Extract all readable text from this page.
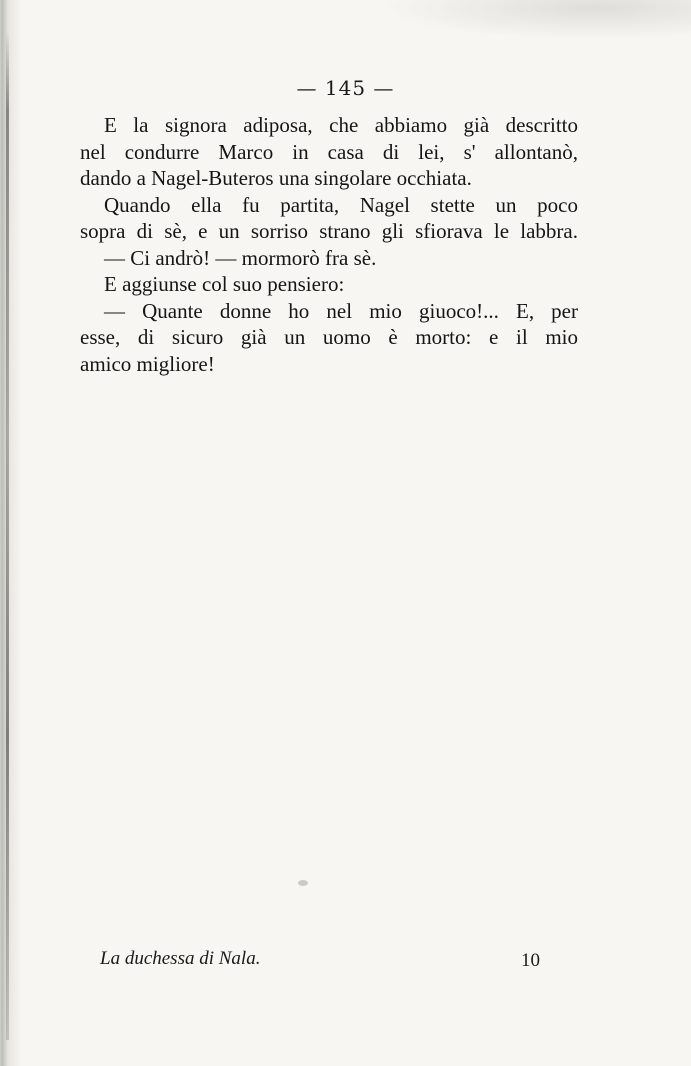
— 145 —
E la signora adiposa, che abbiamo già descritto
nel condurre Marco in casa di lei, s' allontanò,
dando a Nagel-Buteros una singolare occhiata.
Quando ella fu partita, Nagel stette un poco
sopra di sè, e un sorriso strano gli sfiorava le labbra.
— Ci andrò! — mormorò fra sè.
E aggiunse col suo pensiero:
— Quante donne ho nel mio giuoco!... E, per
esse, di sicuro già un uomo è morto: e il mio
amico migliore!
La duchessa di Nala.	10
